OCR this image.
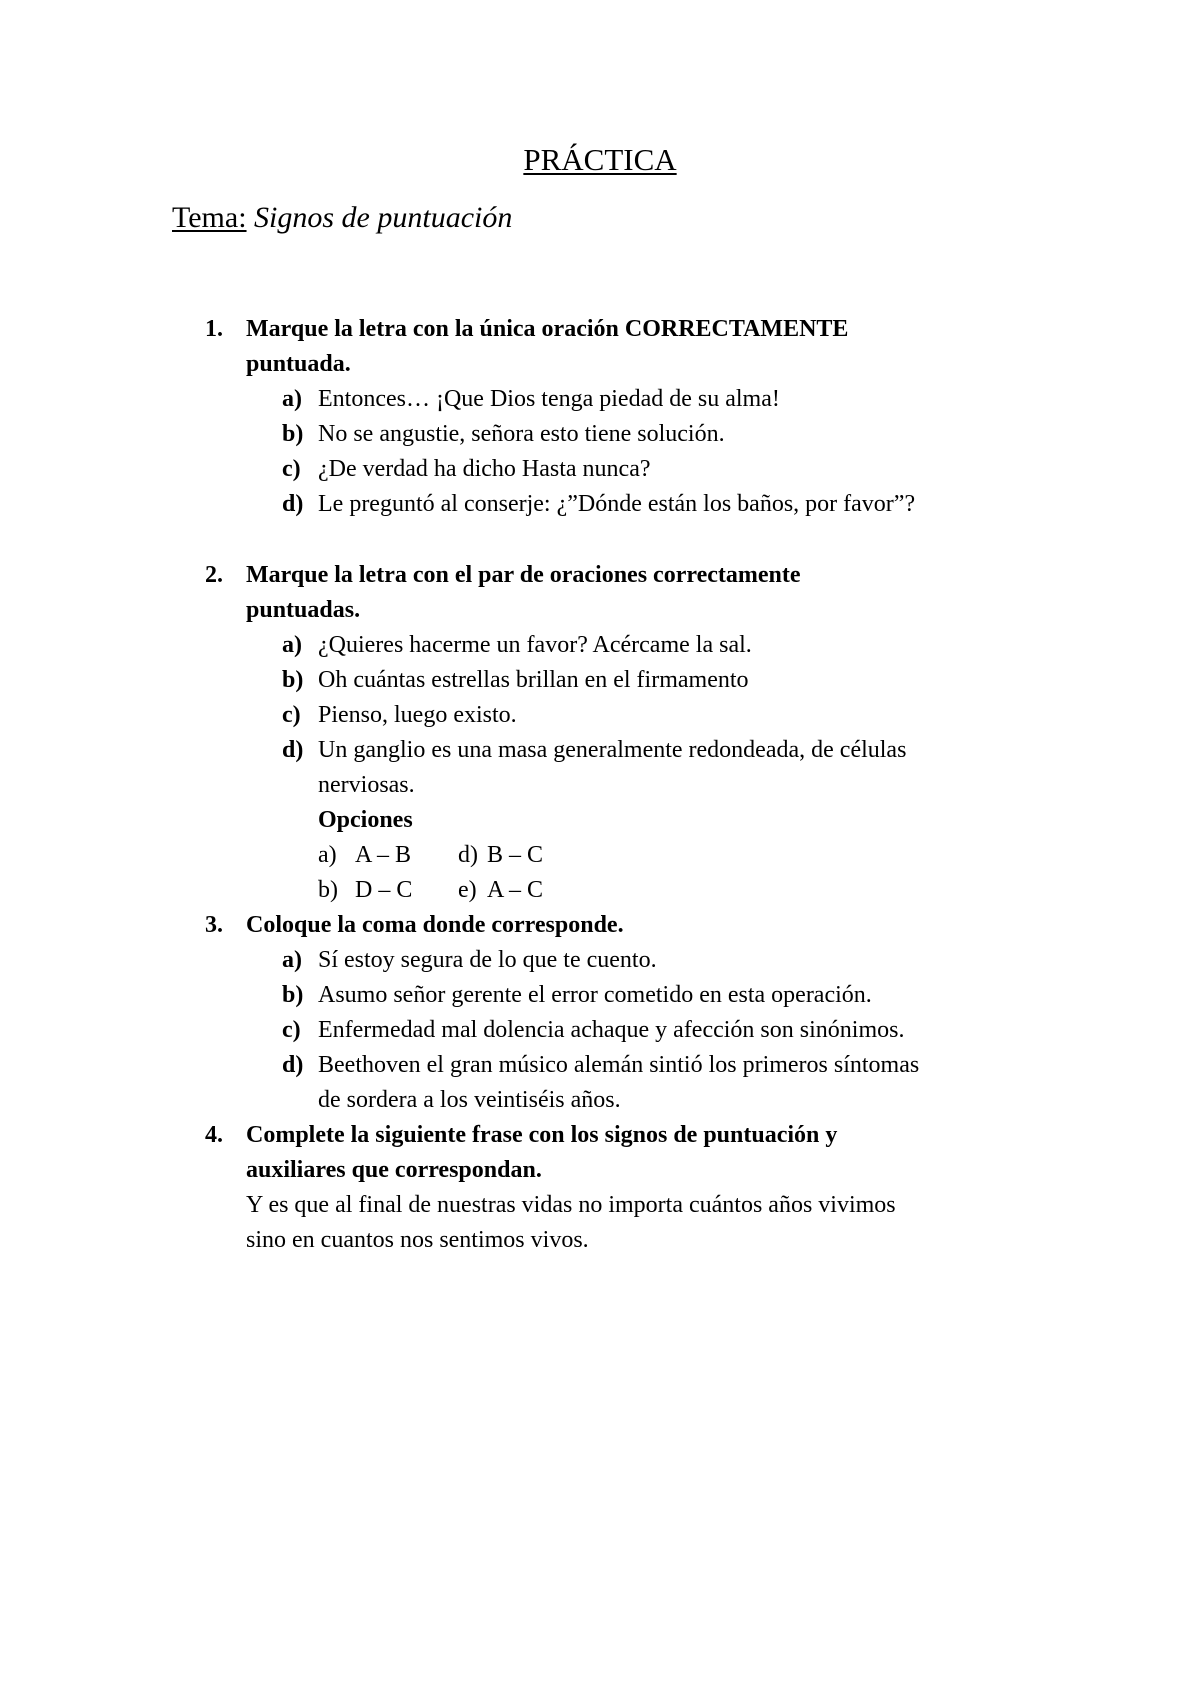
PRÁCTICA
Tema: Signos de puntuación
1. Marque la letra con la única oración CORRECTAMENTE
puntuada.
a) Entonces… ¡Que Dios tenga piedad de su alma!
b) No se angustie, señora esto tiene solución.
c) ¿De verdad ha dicho Hasta nunca?
d) Le preguntó al conserje: ¿”Dónde están los baños, por favor”?
2. Marque la letra con el par de oraciones correctamente
puntuadas.
a) ¿Quieres hacerme un favor? Acércame la sal.
b) Oh cuántas estrellas brillan en el firmamento
c) Pienso, luego existo.
d) Un ganglio es una masa generalmente redondeada, de células
nerviosas.
Opciones
a) A – B d) B – C
b) D – C e) A – C
3. Coloque la coma donde corresponde.
a) Sí estoy segura de lo que te cuento.
b) Asumo señor gerente el error cometido en esta operación.
c) Enfermedad mal dolencia achaque y afección son sinónimos.
d) Beethoven el gran músico alemán sintió los primeros síntomas
de sordera a los veintiséis años.
4. Complete la siguiente frase con los signos de puntuación y
auxiliares que correspondan.
Y es que al final de nuestras vidas no importa cuántos años vivimos
sino en cuantos nos sentimos vivos.
